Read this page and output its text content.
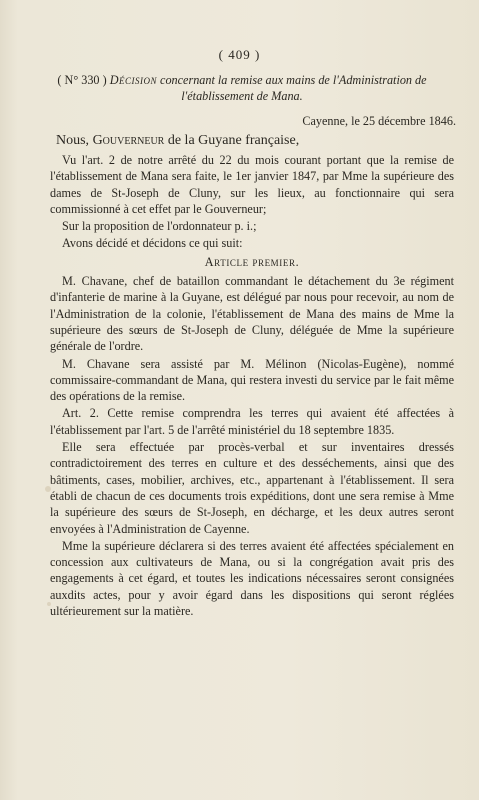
( 409 )
( N° 330 ) Décision concernant la remise aux mains de l'Administration de l'établissement de Mana.
Cayenne, le 25 décembre 1846.
Nous, Gouverneur de la Guyane française,

Vu l'art. 2 de notre arrêté du 22 du mois courant portant que la remise de l'établissement de Mana sera faite, le 1er janvier 1847, par Mme la supérieure des dames de St-Joseph de Cluny, sur les lieux, au fonctionnaire qui sera commissionné à cet effet par le Gouverneur;

Sur la proposition de l'ordonnateur p. i.;

Avons décidé et décidons ce qui suit:

Article premier.

M. Chavane, chef de bataillon commandant le détachement du 3e régiment d'infanterie de marine à la Guyane, est délégué par nous pour recevoir, au nom de l'Administration de la colonie, l'établissement de Mana des mains de Mme la supérieure des sœurs de St-Joseph de Cluny, déléguée de Mme la supérieure générale de l'ordre.

M. Chavane sera assisté par M. Mélinon (Nicolas-Eugène), nommé commissaire-commandant de Mana, qui restera investi du service par le fait même des opérations de la remise.

Art. 2. Cette remise comprendra les terres qui avaient été affectées à l'établissement par l'art. 5 de l'arrêté ministériel du 18 septembre 1835.

Elle sera effectuée par procès-verbal et sur inventaires dressés contradictoirement des terres en culture et des desséchements, ainsi que des bâtiments, cases, mobilier, archives, etc., appartenant à l'établissement. Il sera établi de chacun de ces documents trois expéditions, dont une sera remise à Mme la supérieure des sœurs de St-Joseph, en décharge, et les deux autres seront envoyées à l'Administration de Cayenne.

Mme la supérieure déclarera si des terres avaient été affectées spécialement en concession aux cultivateurs de Mana, ou si la congrégation avait pris des engagements à cet égard, et toutes les indications nécessaires seront consignées auxdits actes, pour y avoir égard dans les dispositions qui seront réglées ultérieurement sur la matière.
